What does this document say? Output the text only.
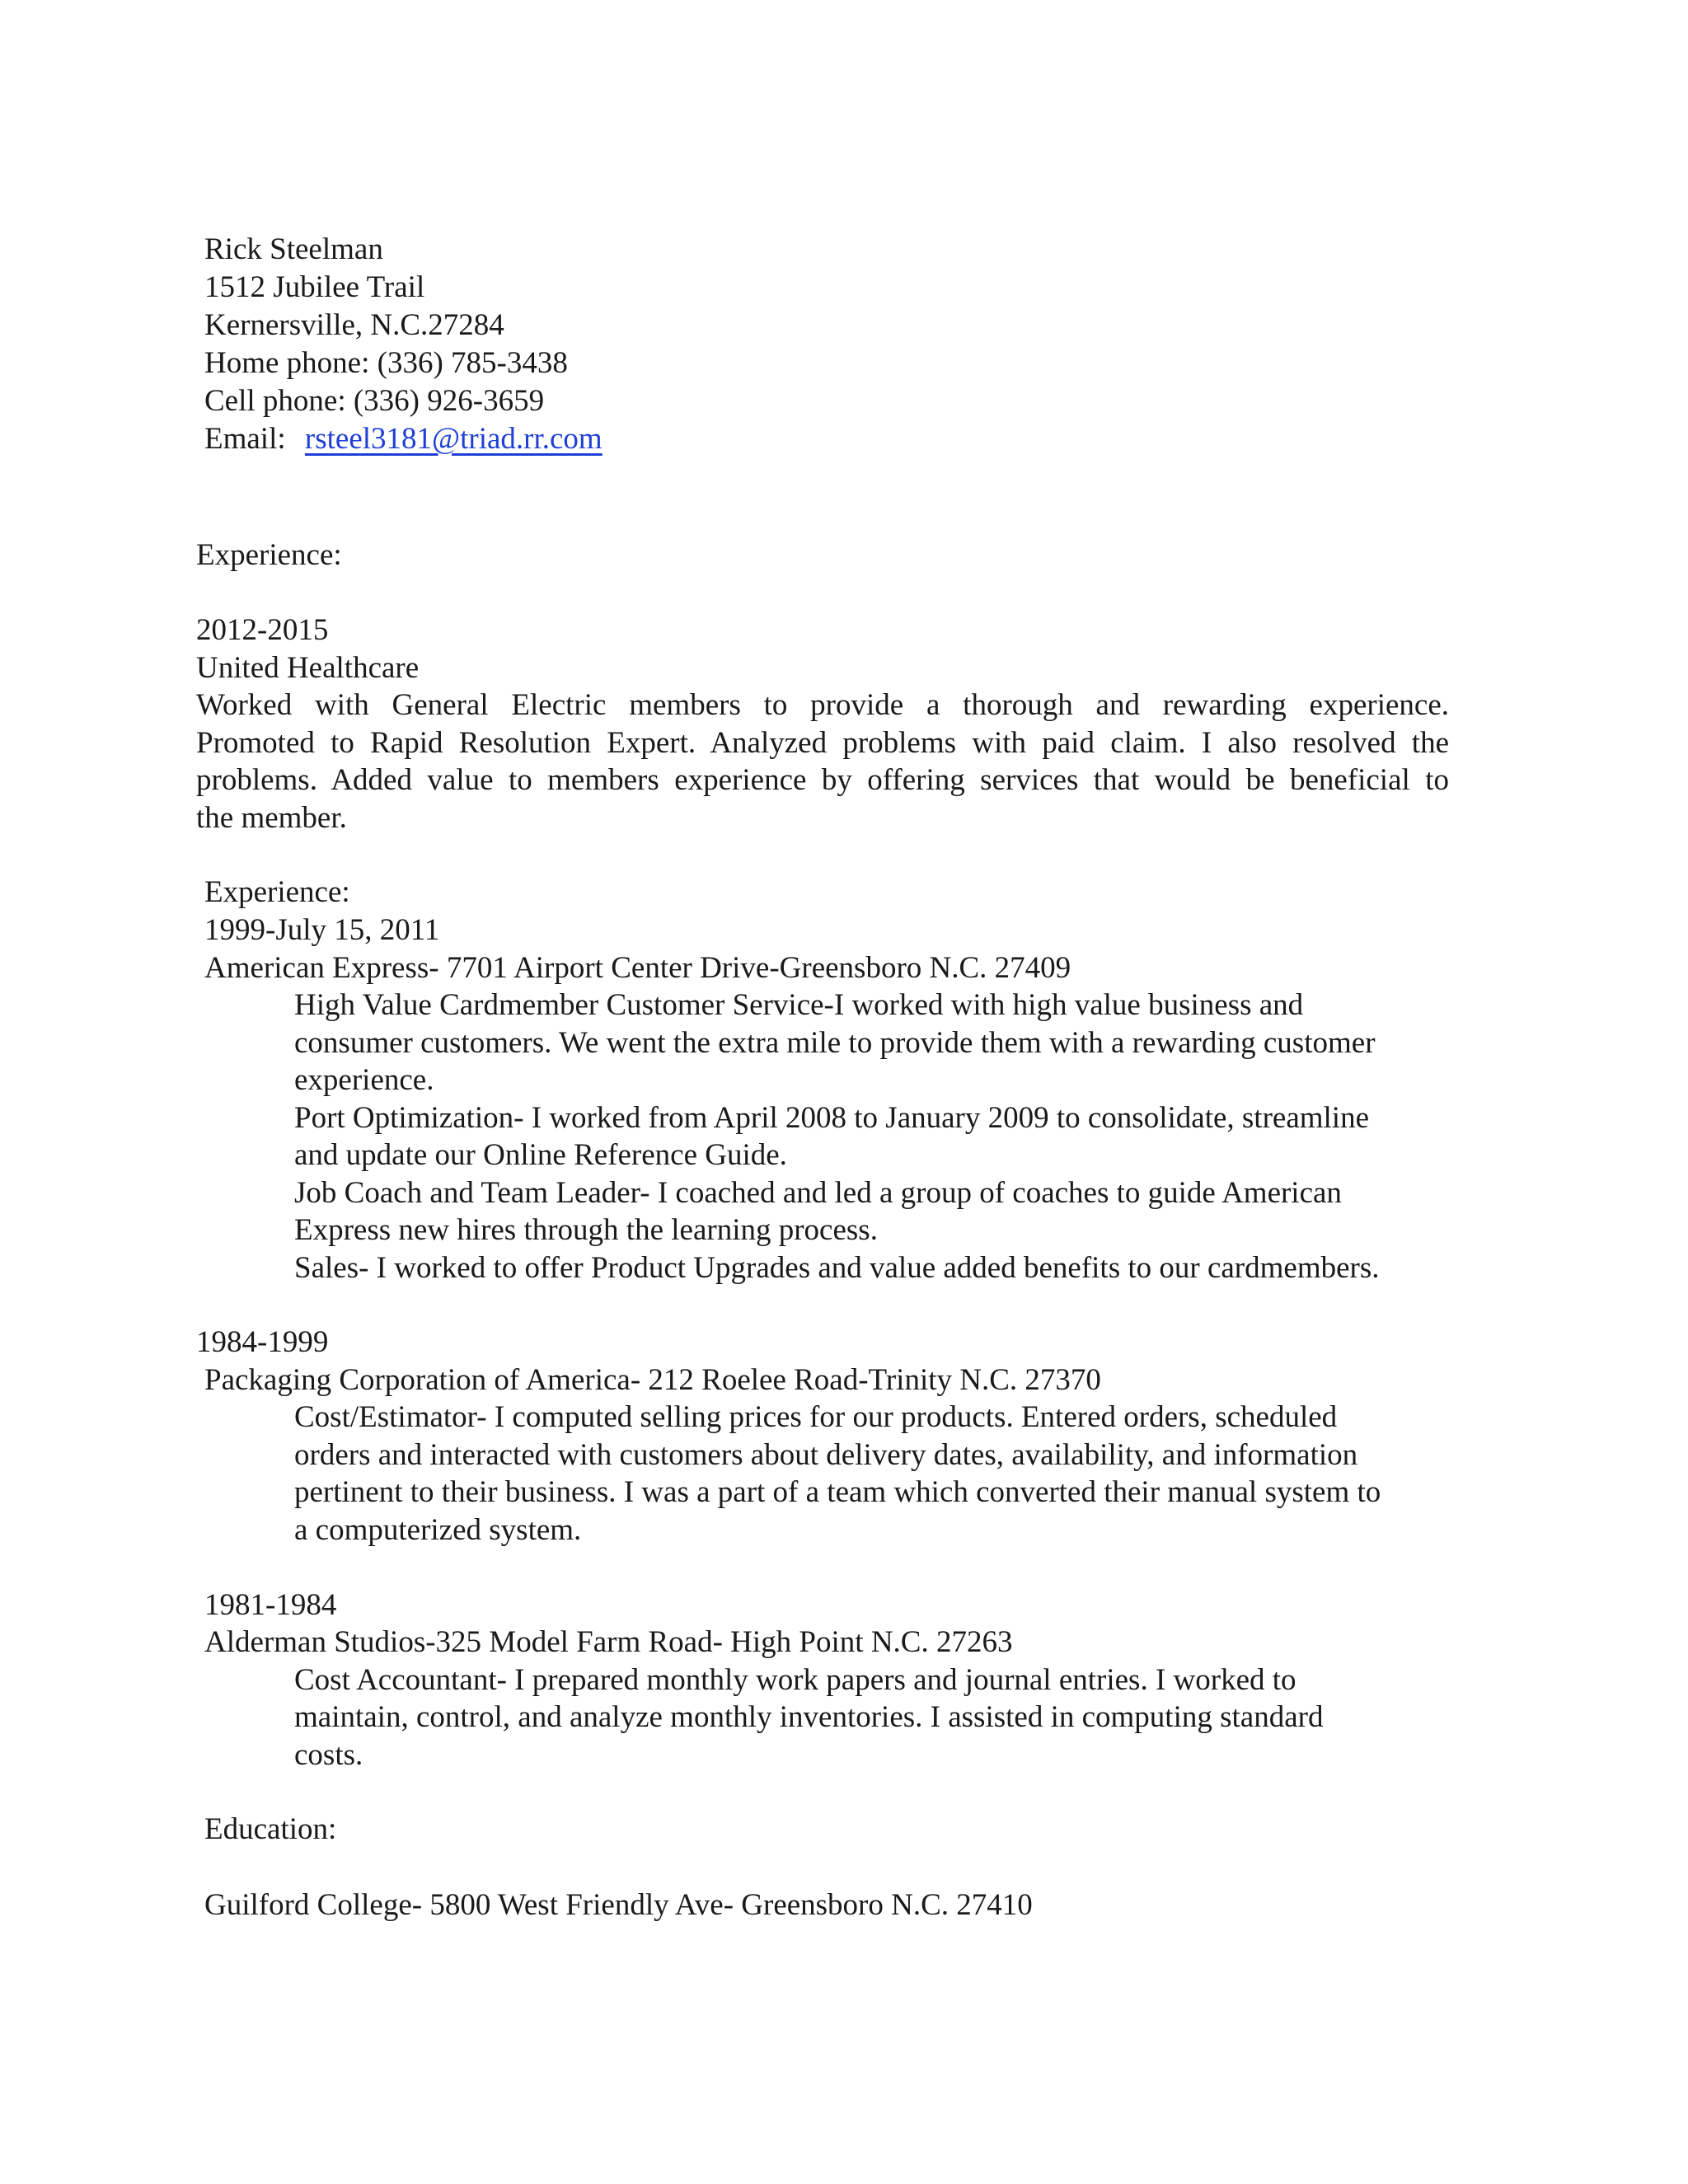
Rick Steelman
1512 Jubilee Trail
Kernersville, N.C.27284
Home phone: (336) 785-3438
Cell phone: (336) 926-3659
Email: rsteel3181@triad.rr.com
Experience:
2012-2015
United Healthcare
Worked with General Electric members to provide a thorough and rewarding experience.
Promoted to Rapid Resolution Expert. Analyzed problems with paid claim. I also resolved the
problems. Added value to members experience by offering services that would be beneficial to
the member.
Experience:
1999-July 15, 2011
American Express- 7701 Airport Center Drive-Greensboro N.C. 27409
High Value Cardmember Customer Service-I worked with high value business and
consumer customers. We went the extra mile to provide them with a rewarding customer
experience.
Port Optimization- I worked from April 2008 to January 2009 to consolidate, streamline
and update our Online Reference Guide.
Job Coach and Team Leader- I coached and led a group of coaches to guide American
Express new hires through the learning process.
Sales- I worked to offer Product Upgrades and value added benefits to our cardmembers.
1984-1999
Packaging Corporation of America- 212 Roelee Road-Trinity N.C. 27370
Cost/Estimator- I computed selling prices for our products. Entered orders, scheduled
orders and interacted with customers about delivery dates, availability, and information
pertinent to their business. I was a part of a team which converted their manual system to
a computerized system.
1981-1984
Alderman Studios-325 Model Farm Road- High Point N.C. 27263
Cost Accountant- I prepared monthly work papers and journal entries. I worked to
maintain, control, and analyze monthly inventories. I assisted in computing standard
costs.
Education:
Guilford College- 5800 West Friendly Ave- Greensboro N.C. 27410
